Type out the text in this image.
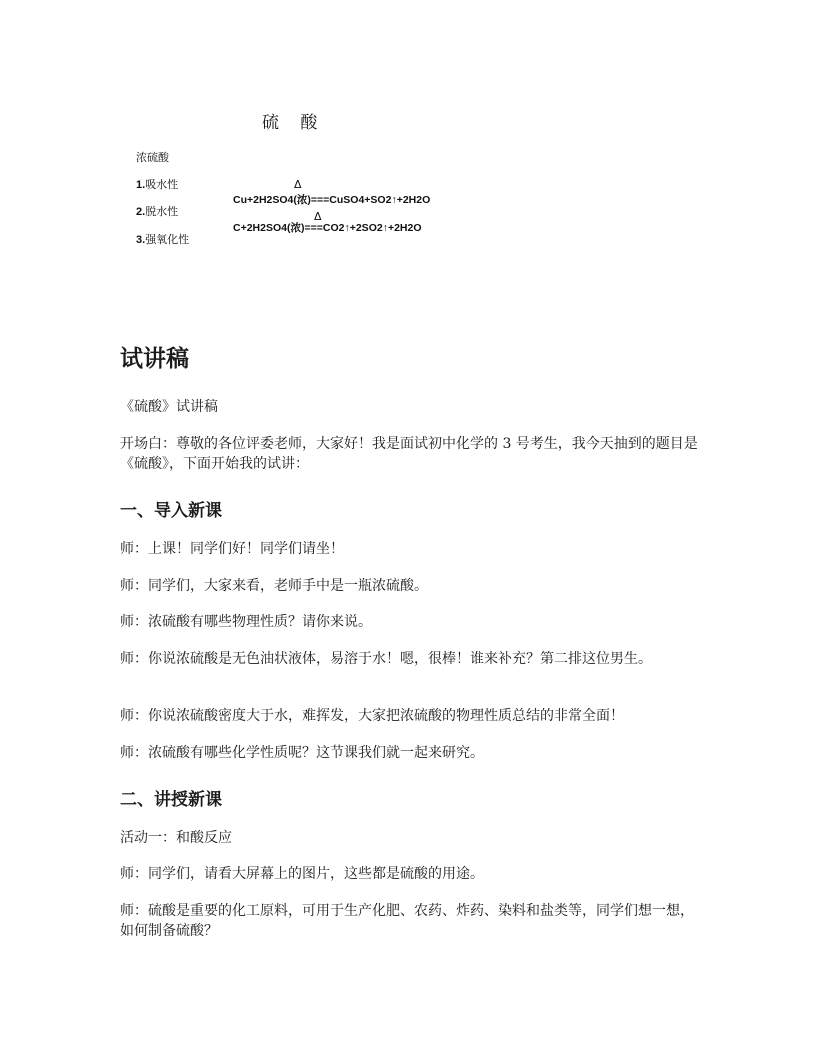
硫 酸
浓硫酸
1.吸水性
2.脱水性
3.强氧化性
Δ
Cu+2H2SO4(浓)===CuSO4+SO2↑+2H2O
Δ
C+2H2SO4(浓)===CO2↑+2SO2↑+2H2O
试讲稿
《硫酸》试讲稿
开场白：尊敬的各位评委老师，大家好！我是面试初中化学的 3 号考生，我今天抽到的题目是《硫酸》，下面开始我的试讲：
一、导入新课
师：上课！同学们好！同学们请坐！
师：同学们，大家来看，老师手中是一瓶浓硫酸。
师：浓硫酸有哪些物理性质？请你来说。
师：你说浓硫酸是无色油状液体，易溶于水！嗯，很棒！谁来补充？第二排这位男生。
师：你说浓硫酸密度大于水，难挥发，大家把浓硫酸的物理性质总结的非常全面！
师：浓硫酸有哪些化学性质呢？这节课我们就一起来研究。
二、讲授新课
活动一：和酸反应
师：同学们，请看大屏幕上的图片，这些都是硫酸的用途。
师：硫酸是重要的化工原料，可用于生产化肥、农药、炸药、染料和盐类等，同学们想一想，如何制备硫酸？
